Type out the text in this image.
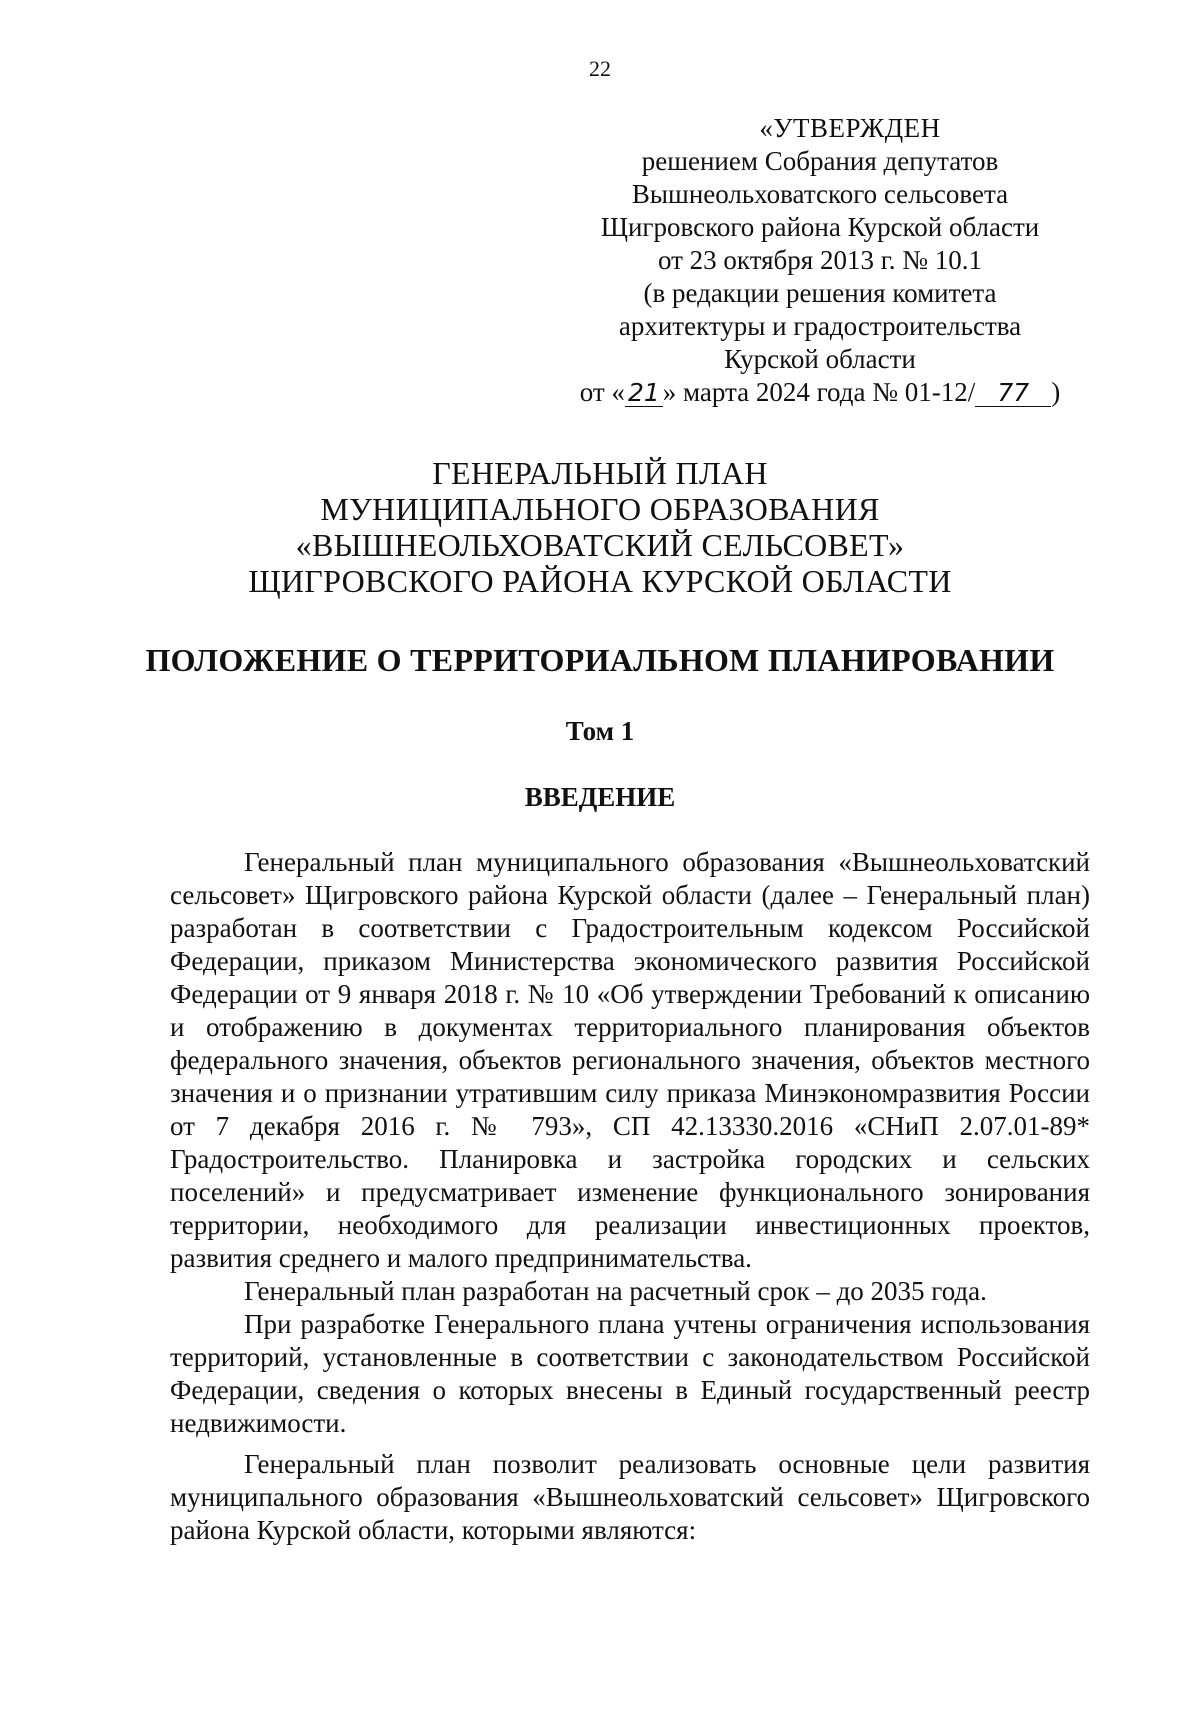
22
«УТВЕРЖДЕН
решением Собрания депутатов
Вышнеольховатского сельсовета
Щигровского района Курской области
от 23 октября 2013 г. № 10.1
(в редакции решения комитета
архитектуры и градостроительства
Курской области
от « 21 » марта 2024 года № 01-12/ 77 )
ГЕНЕРАЛЬНЫЙ ПЛАН
МУНИЦИПАЛЬНОГО ОБРАЗОВАНИЯ
«ВЫШНЕОЛЬХОВАТСКИЙ СЕЛЬСОВЕТ»
ЩИГРОВСКОГО РАЙОНА КУРСКОЙ ОБЛАСТИ
ПОЛОЖЕНИЕ О ТЕРРИТОРИАЛЬНОМ ПЛАНИРОВАНИИ
Том 1
ВВЕДЕНИЕ

Генеральный план муниципального образования «Вышнеольховатский сельсовет» Щигровского района Курской области (далее – Генеральный план) разработан в соответствии с Градостроительным кодексом Российской Федерации, приказом Министерства экономического развития Российской Федерации от 9 января 2018 г. № 10 «Об утверждении Требований к описанию и отображению в документах территориального планирования объектов федерального значения, объектов регионального значения, объектов местного значения и о признании утратившим силу приказа Минэкономразвития России от 7 декабря 2016 г. № 793», СП 42.13330.2016 «СНиП 2.07.01-89* Градостроительство. Планировка и застройка городских и сельских поселений» и предусматривает изменение функционального зонирования территории, необходимого для реализации инвестиционных проектов, развития среднего и малого предпринимательства.

Генеральный план разработан на расчетный срок – до 2035 года.

При разработке Генерального плана учтены ограничения использования территорий, установленные в соответствии с законодательством Российской Федерации, сведения о которых внесены в Единый государственный реестр недвижимости.

Генеральный план позволит реализовать основные цели развития муниципального образования «Вышнеольховатский сельсовет» Щигровского района Курской области, которыми являются:
